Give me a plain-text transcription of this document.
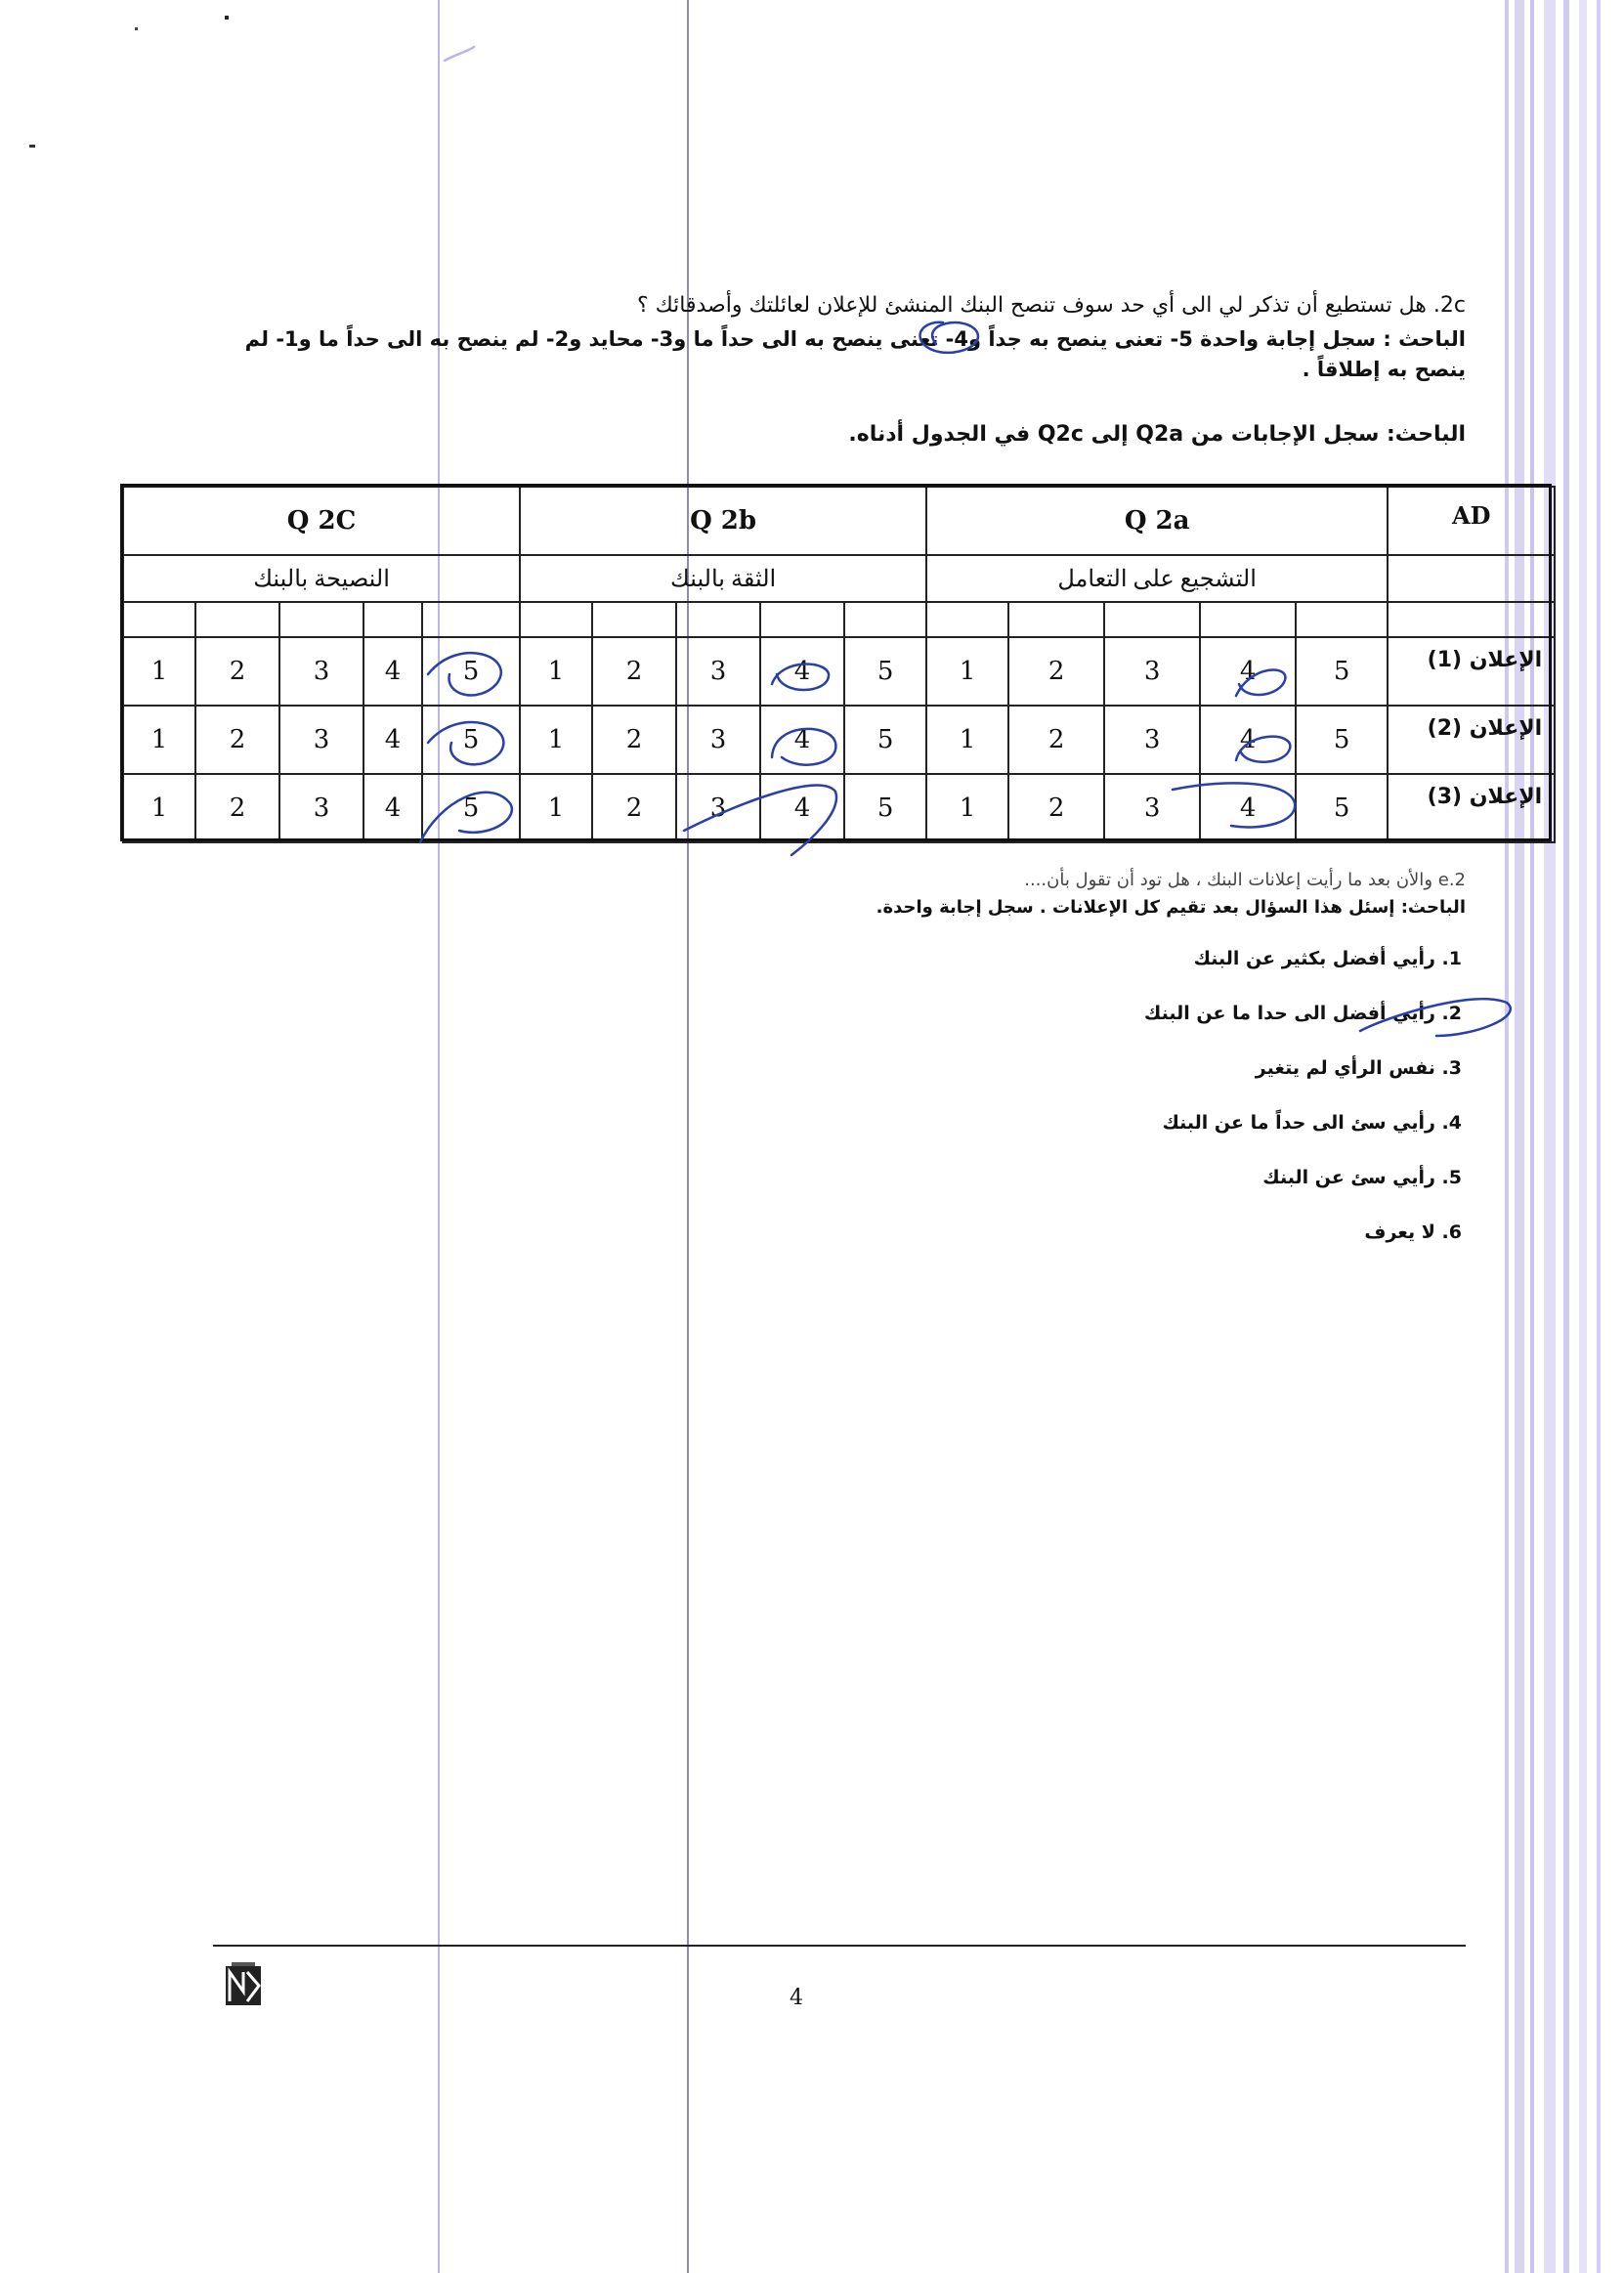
2c. هل تستطيع أن تذكر لي الى أي حد سوف تنصح البنك المنشئ للإعلان لعائلتك وأصدقائك ؟
الباحث : سجل إجابة واحدة 5- تعنى ينصح به جداً و4- تعنى ينصح به الى حداً ما و3- محايد و2- لم ينصح به الى حداً ما و1- لم
ينصح به إطلاقاً .
الباحث: سجل الإجابات من Q2a إلى Q2c في الجدول أدناه.
Q 2C					Q 2b					Q 2a					AD
النصيحة بالبنك					الثقة بالبنك					التشجيع على التعامل					

1	2	3	4	5	1	2	3	4	5	1	2	3	4	5	الإعلان (1)
1	2	3	4	5	1	2	3	4	5	1	2	3	4	5	الإعلان (2)
1	2	3	4	5	1	2	3	4	5	1	2	3	4	5	الإعلان (3)
2.e والأن بعد ما رأيت إعلانات البنك ، هل تود أن تقول بأن....
الباحث: إسئل هذا السؤال بعد تقيم كل الإعلانات . سجل إجابة واحدة.
1. رأيي أفضل بكثير عن البنك
2. رأيي أفضل الى حدا ما عن البنك
3. نفس الرأي لم يتغير
4. رأيي سئ الى حداً ما عن البنك
5. رأيي سئ عن البنك
6. لا يعرف
4
